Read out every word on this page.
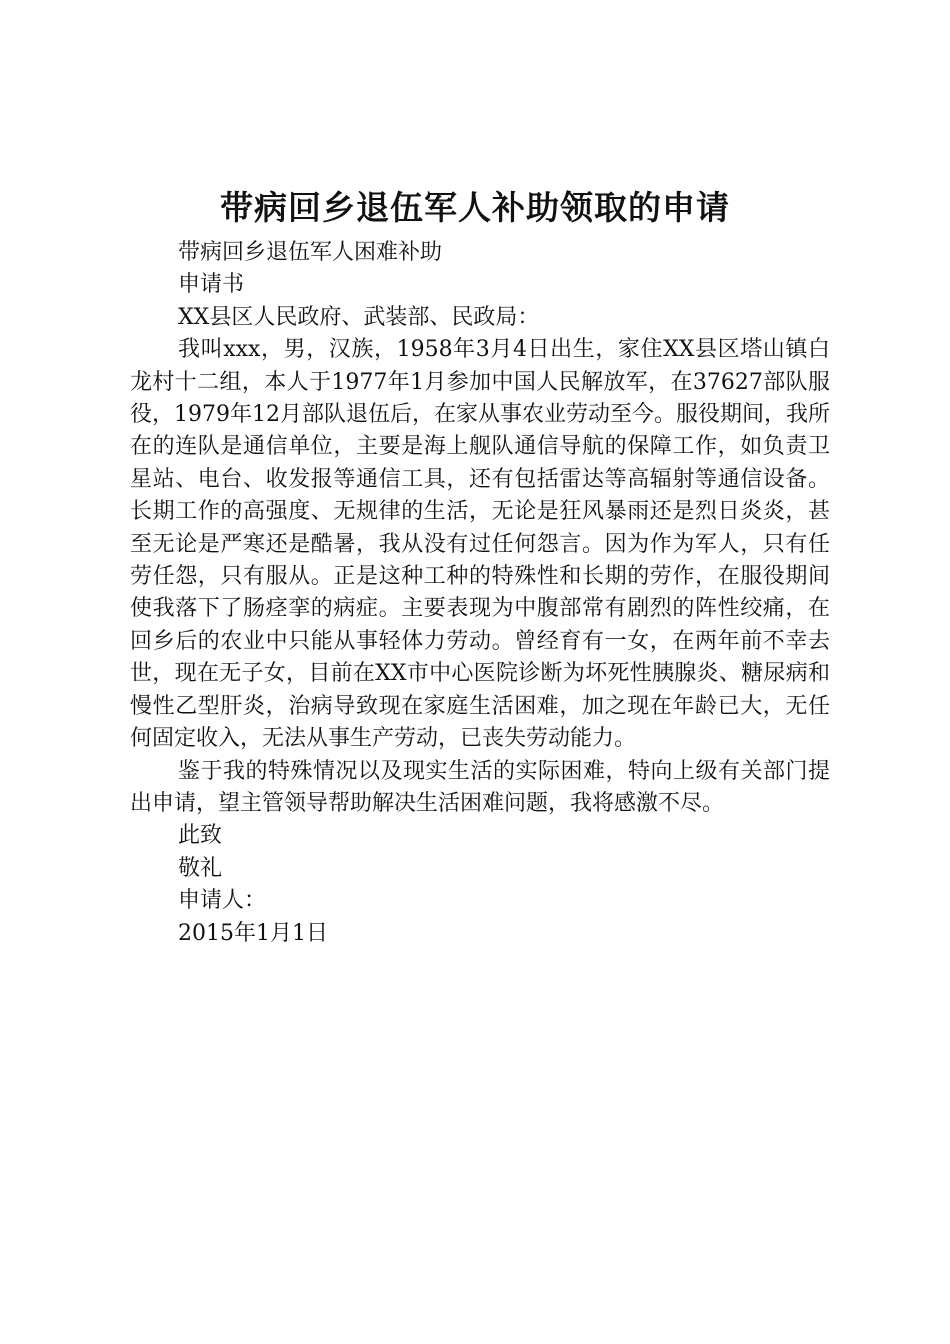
带病回乡退伍军人补助领取的申请
带病回乡退伍军人困难补助
申请书
XX县区人民政府、武装部、民政局：

我叫xxx，男，汉族，1958年3月4日出生，家住XX县区塔山镇白龙村十二组，本人于1977年1月参加中国人民解放军，在37627部队服役，1979年12月部队退伍后，在家从事农业劳动至今。服役期间，我所在的连队是通信单位，主要是海上舰队通信导航的保障工作，如负责卫星站、电台、收发报等通信工具，还有包括雷达等高辐射等通信设备。长期工作的高强度、无规律的生活，无论是狂风暴雨还是烈日炎炎，甚至无论是严寒还是酷暑，我从没有过任何怨言。因为作为军人，只有任劳任怨，只有服从。正是这种工种的特殊性和长期的劳作，在服役期间使我落下了肠痉挛的病症。主要表现为中腹部常有剧烈的阵性绞痛，在回乡后的农业中只能从事轻体力劳动。曾经育有一女，在两年前不幸去世，现在无子女，目前在XX市中心医院诊断为坏死性胰腺炎、糖尿病和慢性乙型肝炎，治病导致现在家庭生活困难，加之现在年龄已大，无任何固定收入，无法从事生产劳动，已丧失劳动能力。

鉴于我的特殊情况以及现实生活的实际困难，特向上级有关部门提出申请，望主管领导帮助解决生活困难问题，我将感激不尽。

此致
敬礼
申请人：
2015年1月1日
